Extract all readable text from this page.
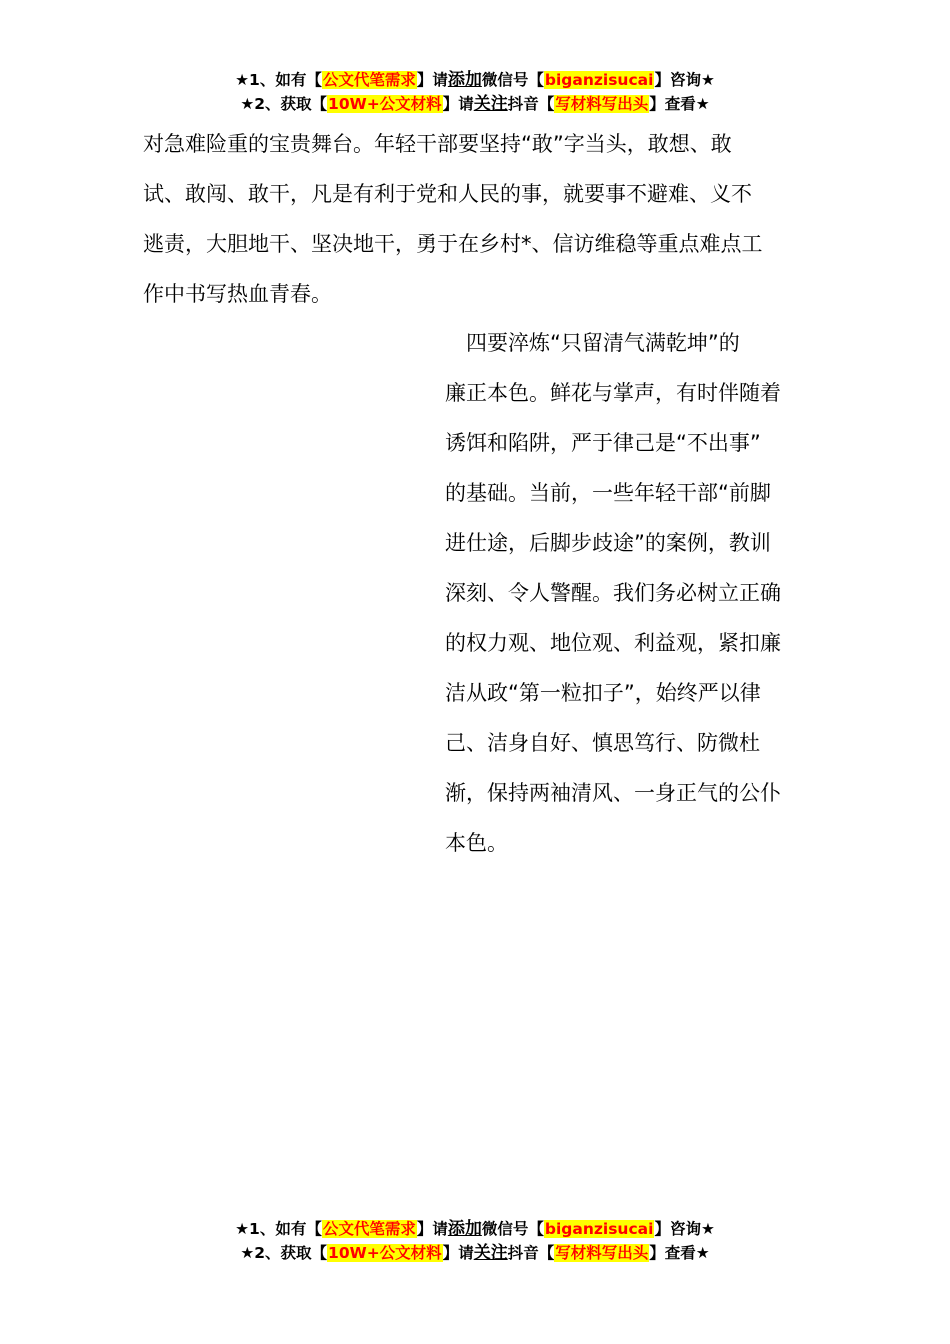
★1、如有【公文代笔需求】请添加微信号【biganzisucai】咨询★
★2、获取【10W+公文材料】请关注抖音【写材料写出头】查看★
对急难险重的宝贵舞台。年轻干部要坚持“敢”字当头，敢想、敢
试、敢闯、敢干，凡是有利于党和人民的事，就要事不避难、义不
逃责，大胆地干、坚决地干，勇于在乡村*、信访维稳等重点难点工
作中书写热血青春。
　四要淬炼“只留清气满乾坤”的
廉正本色。鲜花与掌声，有时伴随着
诱饵和陷阱，严于律己是“不出事”
的基础。当前，一些年轻干部“前脚
进仕途，后脚步歧途”的案例，教训
深刻、令人警醒。我们务必树立正确
的权力观、地位观、利益观，紧扣廉
洁从政“第一粒扣子”，始终严以律
己、洁身自好、慎思笃行、防微杜
渐，保持两袖清风、一身正气的公仆
本色。
★1、如有【公文代笔需求】请添加微信号【biganzisucai】咨询★
★2、获取【10W+公文材料】请关注抖音【写材料写出头】查看★
